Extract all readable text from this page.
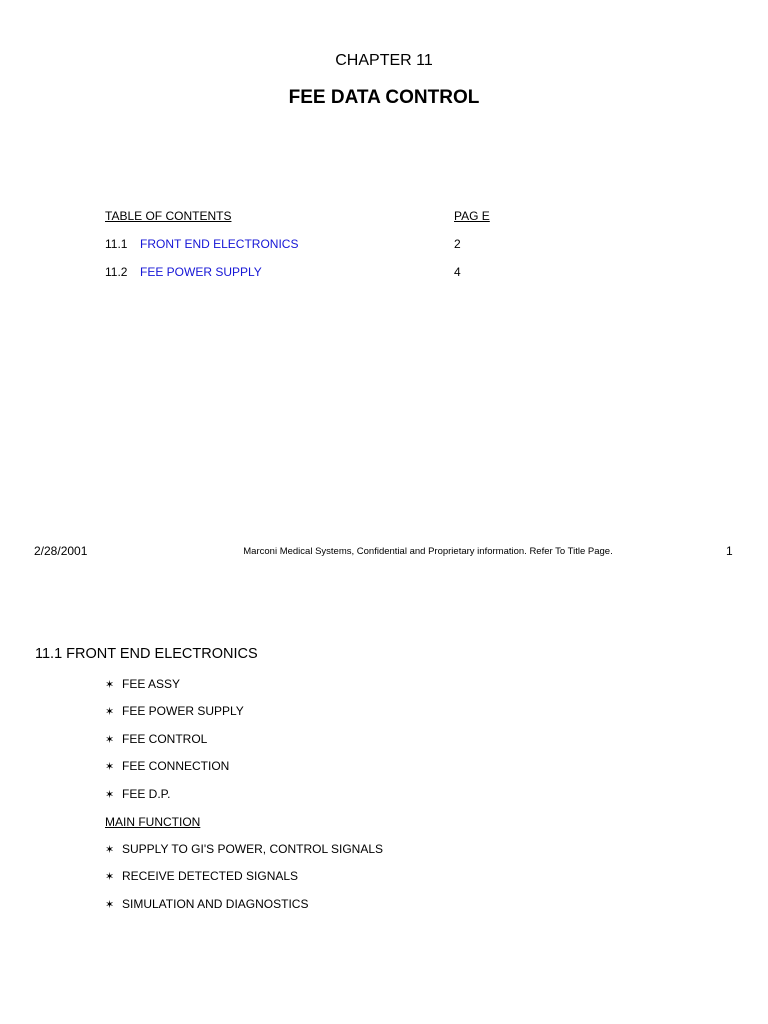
CHAPTER 11
FEE DATA CONTROL
TABLE OF CONTENTS	PAG E
11.1 FRONT END ELECTRONICS	2
11.2 FEE POWER SUPPLY	4
2/28/2001	Marconi Medical Systems, Confidential and Proprietary information. Refer To Title Page.	1
11.1 FRONT END ELECTRONICS
✶ FEE ASSY
✶ FEE POWER SUPPLY
✶ FEE CONTROL
✶ FEE CONNECTION
✶ FEE D.P.
MAIN FUNCTION
✶ SUPPLY TO GI'S POWER, CONTROL SIGNALS
✶ RECEIVE DETECTED SIGNALS
✶ SIMULATION AND DIAGNOSTICS
